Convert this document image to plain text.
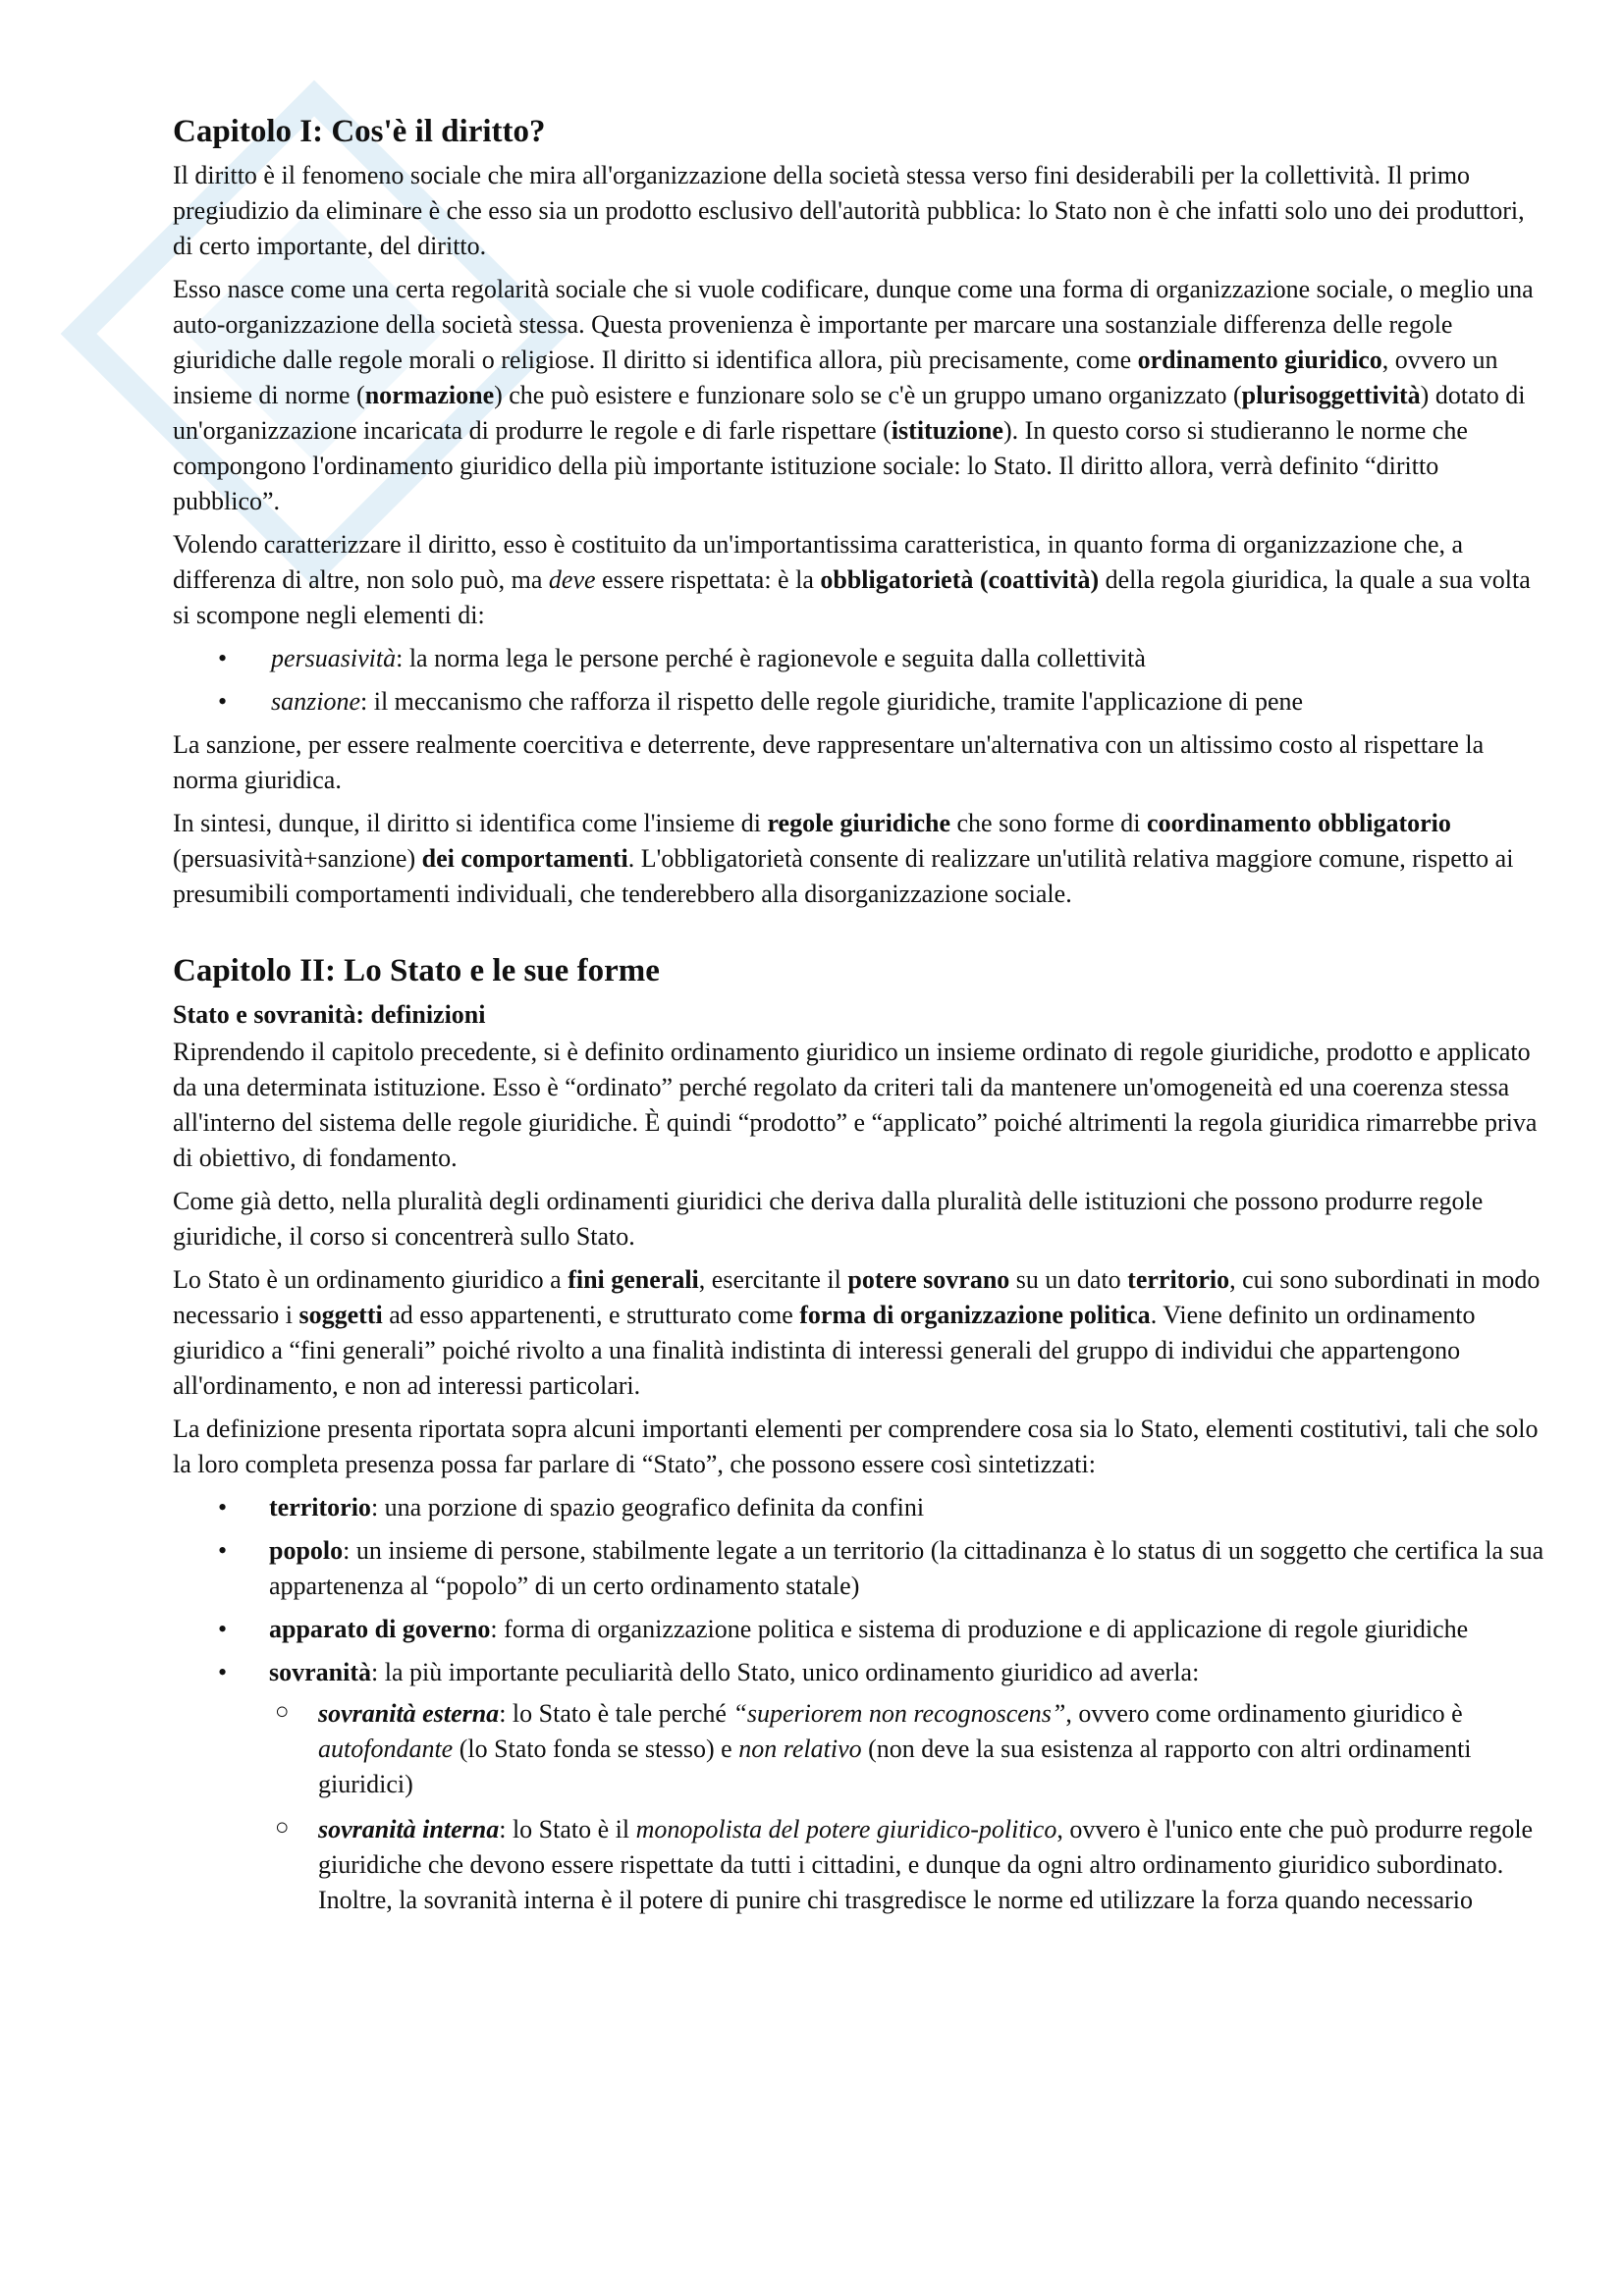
Capitolo I: Cos'è il diritto?

Il diritto è il fenomeno sociale che mira all'organizzazione della società stessa verso fini desiderabili per la collettività. Il primo pregiudizio da eliminare è che esso sia un prodotto esclusivo dell'autorità pubblica: lo Stato non è che infatti solo uno dei produttori, di certo importante, del diritto.

Esso nasce come una certa regolarità sociale che si vuole codificare, dunque come una forma di organizzazione sociale, o meglio una auto-organizzazione della società stessa. Questa provenienza è importante per marcare una sostanziale differenza delle regole giuridiche dalle regole morali o religiose. Il diritto si identifica allora, più precisamente, come ordinamento giuridico, ovvero un insieme di norme (normazione) che può esistere e funzionare solo se c'è un gruppo umano organizzato (plurisoggettività) dotato di un'organizzazione incaricata di produrre le regole e di farle rispettare (istituzione). In questo corso si studieranno le norme che compongono l'ordinamento giuridico della più importante istituzione sociale: lo Stato. Il diritto allora, verrà definito “diritto pubblico”.

Volendo caratterizzare il diritto, esso è costituito da un'importantissima caratteristica, in quanto forma di organizzazione che, a differenza di altre, non solo può, ma deve essere rispettata: è la obbligatorietà (coattività) della regola giuridica, la quale a sua volta si scompone negli elementi di:

• persuasività: la norma lega le persone perché è ragionevole e seguita dalla collettività
• sanzione: il meccanismo che rafforza il rispetto delle regole giuridiche, tramite l'applicazione di pene

La sanzione, per essere realmente coercitiva e deterrente, deve rappresentare un'alternativa con un altissimo costo al rispettare la norma giuridica.

In sintesi, dunque, il diritto si identifica come l'insieme di regole giuridiche che sono forme di coordinamento obbligatorio (persuasività+sanzione) dei comportamenti. L'obbligatorietà consente di realizzare un'utilità relativa maggiore comune, rispetto ai presumibili comportamenti individuali, che tenderebbero alla disorganizzazione sociale.

Capitolo II: Lo Stato e le sue forme
Stato e sovranità: definizioni

Riprendendo il capitolo precedente, si è definito ordinamento giuridico un insieme ordinato di regole giuridiche, prodotto e applicato da una determinata istituzione. Esso è “ordinato” perché regolato da criteri tali da mantenere un'omogeneità ed una coerenza stessa all'interno del sistema delle regole giuridiche. È quindi “prodotto” e “applicato” poiché altrimenti la regola giuridica rimarrebbe priva di obiettivo, di fondamento.

Come già detto, nella pluralità degli ordinamenti giuridici che deriva dalla pluralità delle istituzioni che possono produrre regole giuridiche, il corso si concentrerà sullo Stato.

Lo Stato è un ordinamento giuridico a fini generali, esercitante il potere sovrano su un dato territorio, cui sono subordinati in modo necessario i soggetti ad esso appartenenti, e strutturato come forma di organizzazione politica. Viene definito un ordinamento giuridico a “fini generali” poiché rivolto a una finalità indistinta di interessi generali del gruppo di individui che appartengono all'ordinamento, e non ad interessi particolari.

La definizione presenta riportata sopra alcuni importanti elementi per comprendere cosa sia lo Stato, elementi costitutivi, tali che solo la loro completa presenza possa far parlare di “Stato”, che possono essere così sintetizzati:

• territorio: una porzione di spazio geografico definita da confini
• popolo: un insieme di persone, stabilmente legate a un territorio (la cittadinanza è lo status di un soggetto che certifica la sua appartenenza al “popolo” di un certo ordinamento statale)
• apparato di governo: forma di organizzazione politica e sistema di produzione e di applicazione di regole giuridiche
• sovranità: la più importante peculiarità dello Stato, unico ordinamento giuridico ad averla:
○ sovranità esterna: lo Stato è tale perché “superiorem non recognoscens”, ovvero come ordinamento giuridico è autofondante (lo Stato fonda se stesso) e non relativo (non deve la sua esistenza al rapporto con altri ordinamenti giuridici)
○ sovranità interna: lo Stato è il monopolista del potere giuridico-politico, ovvero è l'unico ente che può produrre regole giuridiche che devono essere rispettate da tutti i cittadini, e dunque da ogni altro ordinamento giuridico subordinato. Inoltre, la sovranità interna è il potere di punire chi trasgredisce le norme ed utilizzare la forza quando necessario
